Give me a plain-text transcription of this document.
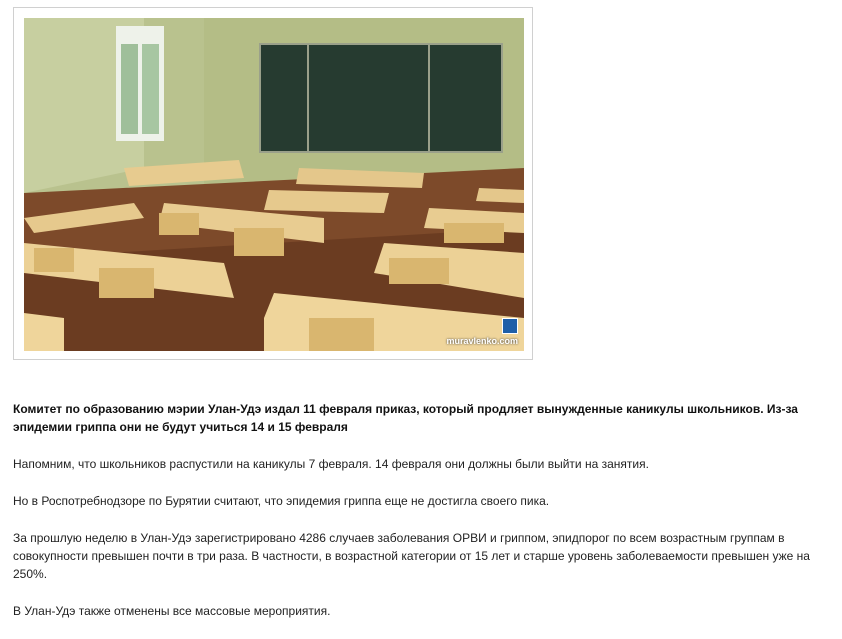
muravlenko.com

Комитет по образованию мэрии Улан-Удэ издал 11 февраля приказ, который продляет вынужденные каникулы школьников. Из-за эпидемии гриппа они не будут учиться 14 и 15 февраля

Напомним, что школьников распустили на каникулы 7 февраля. 14 февраля они должны были выйти на занятия.

Но в Роспотребнодзоре по Бурятии считают, что эпидемия гриппа еще не достигла своего пика.

За прошлую неделю в Улан-Удэ зарегистрировано 4286 случаев заболевания ОРВИ и гриппом, эпидпорог по всем возрастным группам в совокупности превышен почти в три раза. В частности, в возрастной категории от 15 лет и старше уровень заболеваемости превышен уже на 250%.

В Улан-Удэ также отменены все массовые мероприятия.
